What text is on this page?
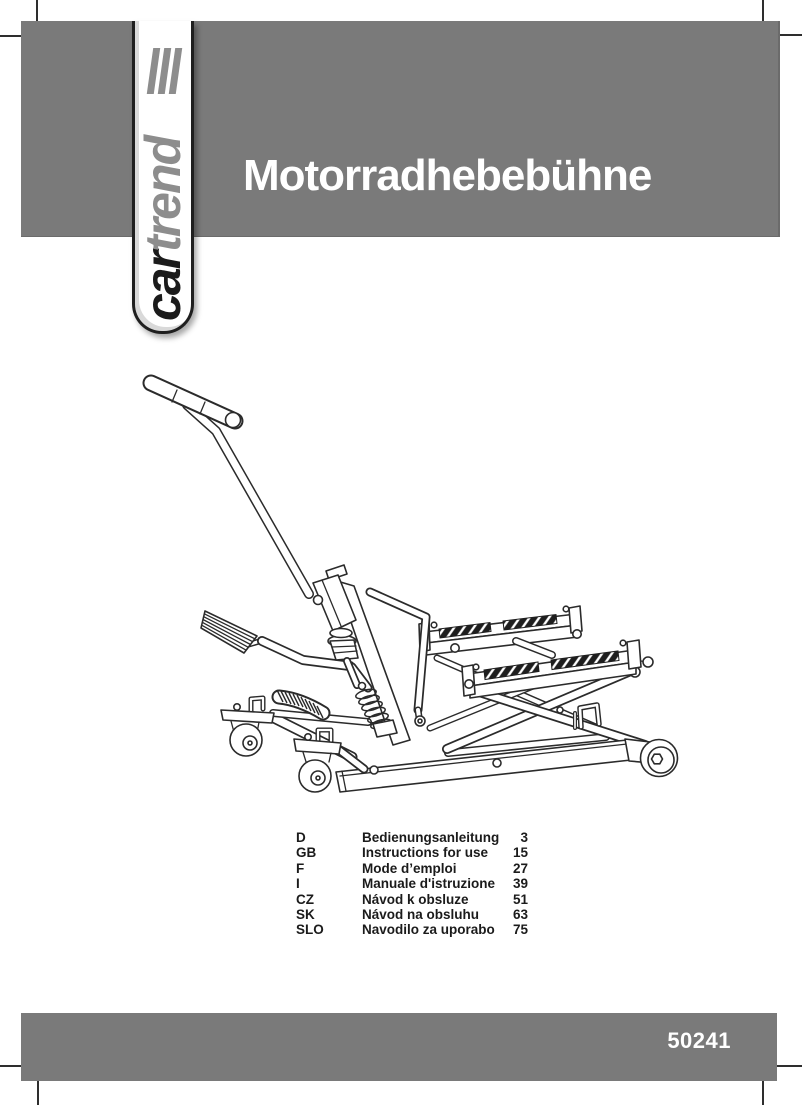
Motorradhebebühne
car
trend
D	Bedienungsanleitung	3
GB	Instructions for use	15
F	Mode d’emploi	27
I	Manuale d'istruzione	39
CZ	Návod k obsluze	51
SK	Návod na obsluhu	63
SLO	Navodilo za uporabo	75
50241
